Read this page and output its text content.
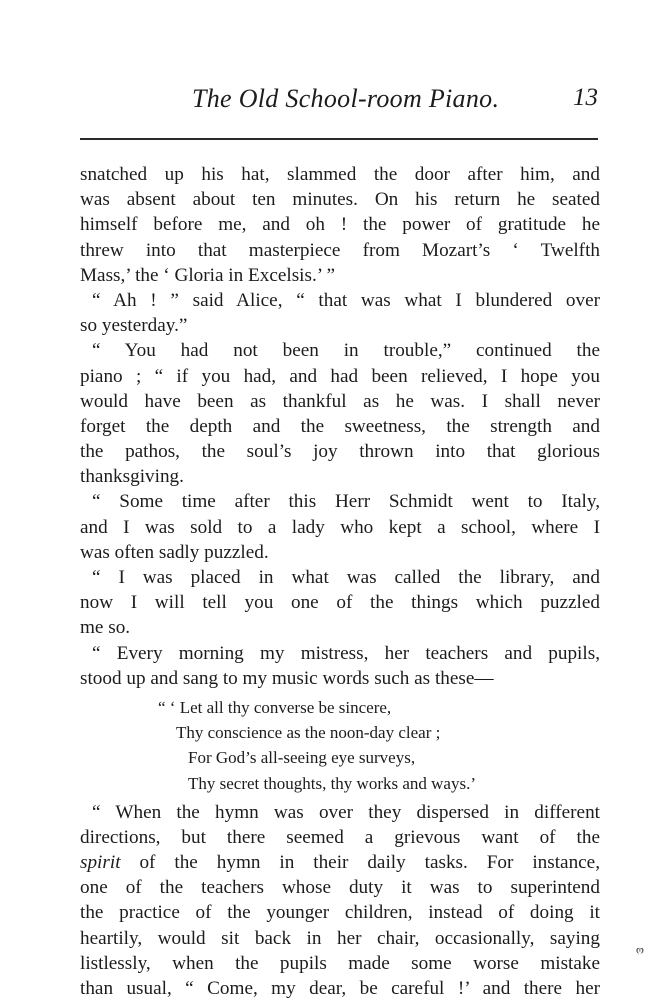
The Old School-room Piano.	13
snatched up his hat, slammed the door after him, and
was absent about ten minutes. On his return he seated
himself before me, and oh ! the power of gratitude he
threw into that masterpiece from Mozart’s ‘ Twelfth
Mass,’ the ‘ Gloria in Excelsis.’ ”
“ Ah ! ” said Alice, “ that was what I blundered over
so yesterday.”
“ You had not been in trouble,” continued the
piano ; “ if you had, and had been relieved, I hope you
would have been as thankful as he was. I shall never
forget the depth and the sweetness, the strength and
the pathos, the soul’s joy thrown into that glorious
thanksgiving.
“ Some time after this Herr Schmidt went to Italy,
and I was sold to a lady who kept a school, where I
was often sadly puzzled.
“ I was placed in what was called the library, and
now I will tell you one of the things which puzzled
me so.
“ Every morning my mistress, her teachers and pupils,
stood up and sang to my music words such as these—
“ ‘ Let all thy converse be sincere,
Thy conscience as the noon-day clear ;
For God’s all-seeing eye surveys,
Thy secret thoughts, thy works and ways.’
“ When the hymn was over they dispersed in different
directions, but there seemed a grievous want of the
spirit of the hymn in their daily tasks. For instance,
one of the teachers whose duty it was to superintend
the practice of the younger children, instead of doing it
heartily, would sit back in her chair, occasionally, saying
listlessly, when the pupils made some worse mistake
than usual, “ Come, my dear, be careful !’ and there her
ω
